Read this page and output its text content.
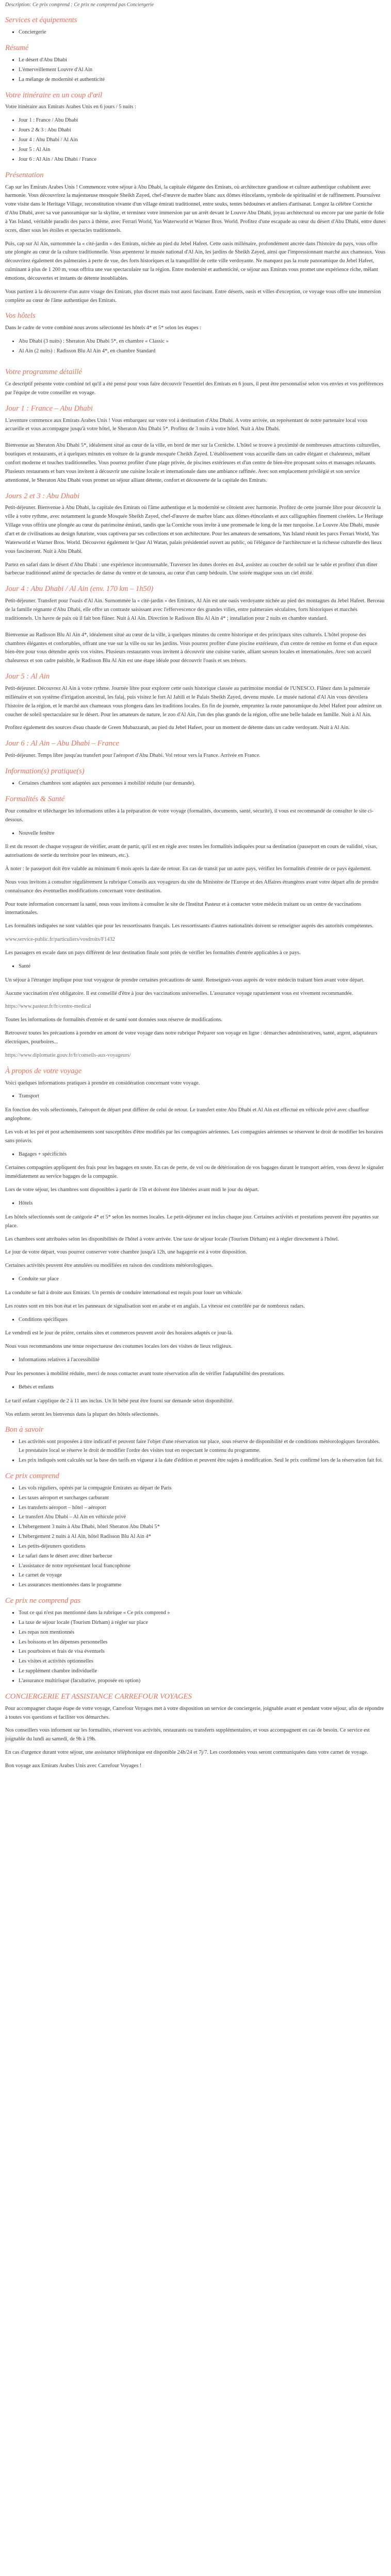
Description: Ce prix comprend : Ce prix ne comprend pas Conciergerie
Services et équipements
▪ Conciergerie
Résumé
▪ Le désert d'Abu Dhabi
▪ L'émerveillement Louvre d'Al Ain
▪ La mélange de modernité et authenticité
Votre itinéraire en un coup d'œil

Votre itinéraire aux Emirats Arabes Unis en 6 jours / 5 nuits :

• Jour 1 : France / Abu Dhabi
• Jours 2 & 3 : Abu Dhabi
• Jour 4 : Abu Dhabi / Al Ain
• Jour 5 : Al Ain
• Jour 6 : Al Ain / Abu Dhabi / France
Présentation

Cap sur les Emirats Arabes Unis ! Commencez votre séjour à Abu Dhabi, la capitale élégante des Emirats, où architecture grandiose et culture authentique cohabitent avec harmonie. Vous découvrirez la majestueuse mosquée Sheikh Zayed, chef-d'œuvre de marbre blanc aux dômes étincelants, symbole de spiritualité et de raffinement. Poursuivez votre visite dans le Heritage Village, reconstitution vivante d'un village émirati traditionnel, entre souks, tentes bédouines et ateliers d'artisanat. Longez la célèbre Corniche d'Abu Dhabi, avec sa vue panoramique sur la skyline, et terminez votre immersion par un arrêt devant le Louvre Abu Dhabi, joyau architectural ou encore par une partie de folie à Yas Island, véritable paradis des parcs à thème, avec Ferrari World, Yas Waterworld et Warner Bros. World. Profitez d'une escapade au cœur du désert d'Abu Dhabi, entre dunes ocres, dîner sous les étoiles et spectacles traditionnels.

Puis, cap sur Al Ain, surnommée la « cité-jardin » des Emirats, nichée au pied du Jebel Hafeet. Cette oasis millénaire, profondément ancrée dans l'histoire du pays, vous offre une plongée au cœur de la culture traditionnelle. Vous arpenterez le musée national d'Al Ain, les jardins de Sheikh Zayed, ainsi que l'impressionnant marché aux chameaux. Vous découvrirez également des palmeraies à perte de vue, des forts historiques et la tranquillité de cette ville verdoyante. Ne manquez pas la route panoramique du Jebel Hafeet, culminant à plus de 1 200 m, vous offrira une vue spectaculaire sur la région. Entre modernité et authenticité, ce séjour aux Emirats vous promet une expérience riche, mêlant émotions, découvertes et instants de détente inoubliables.

Vous partirez à la découverte d'un autre visage des Emirats, plus discret mais tout aussi fascinant. Entre déserts, oasis et villes d'exception, ce voyage vous offre une immersion complète au cœur de l'âme authentique des Emirats.

Vos hôtels

Dans le cadre de votre combiné nous avons sélectionné les hôtels 4* et 5* selon les étapes :

• Abu Dhabi (3 nuits) : Sheraton Abu Dhabi 5*, en chambre « Classic »
• Al Ain (2 nuits) : Radisson Blu Al Ain 4*, en chambre Standard
Votre programme détaillé

Ce descriptif présente votre combiné tel qu'il a été pensé pour vous faire découvrir l'essentiel des Emirats en 6 jours, il peut être personnalisé selon vos envies et vos préférences par l'équipe de votre conseiller en voyage.

Jour 1 : France – Abu Dhabi

L'aventure commence aux Emirats Arabes Unis ! Vous embarquez sur votre vol à destination d'Abu Dhabi. A votre arrivée, un représentant de notre partenaire local vous accueille et vous accompagne jusqu'à votre hôtel, le Sheraton Abu Dhabi 5*. Profitez de 3 nuits à votre hôtel. Nuit à Abu Dhabi.

Bienvenue au Sheraton Abu Dhabi 5*, idéalement situé au cœur de la ville, en bord de mer sur la Corniche. L'hôtel se trouve à proximité de nombreuses attractions culturelles, boutiques et restaurants, et à quelques minutes en voiture de la grande mosquée Cheikh Zayed. L'établissement vous accueille dans un cadre élégant et chaleureux, mêlant confort moderne et touches traditionnelles. Vous pourrez profiter d'une plage privée, de piscines extérieures et d'un centre de bien-être proposant soins et massages relaxants. Plusieurs restaurants et bars vous invitent à découvrir une cuisine locale et internationale dans une ambiance raffinée. Avec son emplacement privilégié et son service attentionné, le Sheraton Abu Dhabi vous promet un séjour alliant détente, confort et découverte de la capitale des Emirats.

Jours 2 et 3 : Abu Dhabi

Petit-déjeuner. Bienvenue à Abu Dhabi, la capitale des Emirats où l'âme authentique et la modernité se côtoient avec harmonie. Profitez de cette journée libre pour découvrir la ville à votre rythme, avec notamment la grande Mosquée Sheikh Zayed, chef-d'œuvre de marbre blanc aux dômes étincelants et aux calligraphies finement ciselées. Le Heritage Village vous offrira une plongée au cœur du patrimoine émirati, tandis que la Corniche vous invite à une promenade le long de la mer turquoise. Le Louvre Abu Dhabi, musée d'art et de civilisations au design futuriste, vous captivera par ses collections et son architecture. Pour les amateurs de sensations, Yas Island réunit les parcs Ferrari World, Yas Waterworld et Warner Bros. World. Découvrez également le Qasr Al Watan, palais présidentiel ouvert au public, où l'élégance de l'architecture et la richesse culturelle des lieux vous fascineront. Nuit à Abu Dhabi.

Partez en safari dans le désert d'Abu Dhabi : une expérience incontournable. Traversez les dunes dorées en 4x4, assistez au coucher de soleil sur le sable et profitez d'un dîner barbecue traditionnel animé de spectacles de danse du ventre et de tanoura, au cœur d'un camp bédouin. Une soirée magique sous un ciel étoilé.

Jour 4 : Abu Dhabi / Al Ain (env. 170 km – 1h50)

Petit-déjeuner. Transfert pour l'oasis d'Al Ain. Surnommée la « cité-jardin » des Emirats, Al Ain est une oasis verdoyante nichée au pied des montagnes du Jebel Hafeet. Berceau de la famille régnante d'Abu Dhabi, elle offre un contraste saisissant avec l'effervescence des grandes villes, entre palmeraies séculaires, forts historiques et marchés traditionnels. Un havre de paix où il fait bon flâner. Nuit à Al Ain. Direction le Radisson Blu Al Ain 4* ; installation pour 2 nuits en chambre standard.

Bienvenue au Radisson Blu Al Ain 4*, idéalement situé au cœur de la ville, à quelques minutes du centre historique et des principaux sites culturels. L'hôtel propose des chambres élégantes et confortables, offrant une vue sur la ville ou sur les jardins. Vous pourrez profiter d'une piscine extérieure, d'un centre de remise en forme et d'un espace bien-être pour vous détendre après vos visites. Plusieurs restaurants vous invitent à découvrir une cuisine variée, alliant saveurs locales et internationales. Avec son accueil chaleureux et son cadre paisible, le Radisson Blu Al Ain est une étape idéale pour découvrir l'oasis et ses trésors.

Jour 5 : Al Ain

Petit-déjeuner. Découvrez Al Ain à votre rythme. Journée libre pour explorer cette oasis historique classée au patrimoine mondial de l'UNESCO. Flânez dans la palmeraie millénaire et son système d'irrigation ancestral, les falaj, puis visitez le fort Al Jahili et le Palais Sheikh Zayed, devenu musée. Le musée national d'Al Ain vous dévoilera l'histoire de la région, et le marché aux chameaux vous plongera dans les traditions locales. En fin de journée, empruntez la route panoramique du Jebel Hafeet pour admirer un coucher de soleil spectaculaire sur le désert. Pour les amateurs de nature, le zoo d'Al Ain, l'un des plus grands de la région, offre une belle balade en famille. Nuit à Al Ain.

Profitez également des sources d'eau chaude de Green Mubazzarah, au pied du Jebel Hafeet, pour un moment de détente dans un cadre verdoyant. Nuit à Al Ain.

Jour 6 : Al Ain – Abu Dhabi – France

Petit-déjeuner. Temps libre jusqu'au transfert pour l'aéroport d'Abu Dhabi. Vol retour vers la France. Arrivée en France.

Information(s) pratique(s)
▪ Certaines chambres sont adaptées aux personnes à mobilité réduite (sur demande).
Formalités & Santé

Pour connaître et télécharger les informations utiles à la préparation de votre voyage (formalités, documents, santé, sécurité), il vous est recommandé de consulter le site ci-dessous.

▪ Nouvelle fenêtre

Il est du ressort de chaque voyageur de vérifier, avant de partir, qu'il est en règle avec toutes les formalités indiquées pour sa destination (passeport en cours de validité, visas, autorisations de sortie du territoire pour les mineurs, etc.).

À noter : le passeport doit être valable au minimum 6 mois après la date de retour. En cas de transit par un autre pays, vérifiez les formalités d'entrée de ce pays également.

Nous vous invitons à consulter régulièrement la rubrique Conseils aux voyageurs du site du Ministère de l'Europe et des Affaires étrangères avant votre départ afin de prendre connaissance des éventuelles modifications concernant votre destination.

Pour toute information concernant la santé, nous vous invitons à consulter le site de l'Institut Pasteur et à contacter votre médecin traitant ou un centre de vaccinations internationales.

Les formalités indiquées ne sont valables que pour les ressortissants français. Les ressortissants d'autres nationalités doivent se renseigner auprès des autorités compétentes.

www.service-public.fr/particuliers/vosdroits/F1432

Les passagers en escale dans un pays différent de leur destination finale sont priés de vérifier les formalités d'entrée applicables à ce pays.

▪ Santé

Un séjour à l'étranger implique pour tout voyageur de prendre certaines précautions de santé. Renseignez-vous auprès de votre médecin traitant bien avant votre départ.

Aucune vaccination n'est obligatoire. Il est conseillé d'être à jour des vaccinations universelles. L'assurance voyage rapatriement vous est vivement recommandée.

https://www.pasteur.fr/fr/centre-medical

Toutes les informations de formalités d'entrée et de santé sont données sous réserve de modifications.

Retrouvez toutes les précautions à prendre en amont de votre voyage dans notre rubrique Préparer son voyage en ligne : démarches administratives, santé, argent, adaptateurs électriques, pourboires...

https://www.diplomatie.gouv.fr/fr/conseils-aux-voyageurs/

À propos de votre voyage

Voici quelques informations pratiques à prendre en considération concernant votre voyage.

▪ Transport

En fonction des vols sélectionnés, l'aéroport de départ peut différer de celui de retour. Le transfert entre Abu Dhabi et Al Ain est effectué en véhicule privé avec chauffeur anglophone.

Les vols et les pré et post acheminements sont susceptibles d'être modifiés par les compagnies aériennes. Les compagnies aériennes se réservent le droit de modifier les horaires sans préavis.

▪ Bagages + spécificités

Certaines compagnies appliquent des frais pour les bagages en soute. En cas de perte, de vol ou de détérioration de vos bagages durant le transport aérien, vous devez le signaler immédiatement au service bagages de la compagnie.

Lors de votre séjour, les chambres sont disponibles à partir de 15h et doivent être libérées avant midi le jour du départ.

▪ Hôtels

Les hôtels sélectionnés sont de catégorie 4* et 5* selon les normes locales. Le petit-déjeuner est inclus chaque jour. Certaines activités et prestations peuvent être payantes sur place.

Les chambres sont attribuées selon les disponibilités de l'hôtel à votre arrivée. Une taxe de séjour locale (Tourism Dirham) est à régler directement à l'hôtel.

Le jour de votre départ, vous pourrez conserver votre chambre jusqu'à 12h, une bagagerie est à votre disposition.

Certaines activités peuvent être annulées ou modifiées en raison des conditions météorologiques.

▪ Conduite sur place

La conduite se fait à droite aux Emirats. Un permis de conduire international est requis pour louer un véhicule.

Les routes sont en très bon état et les panneaux de signalisation sont en arabe et en anglais. La vitesse est contrôlée par de nombreux radars.

▪ Conditions spécifiques

Le vendredi est le jour de prière, certains sites et commerces peuvent avoir des horaires adaptés ce jour-là.

Nous vous recommandons une tenue respectueuse des coutumes locales lors des visites de lieux religieux.

▪ Informations relatives à l'accessibilité

Pour les personnes à mobilité réduite, merci de nous contacter avant toute réservation afin de vérifier l'adaptabilité des prestations.

▪ Bébés et enfants

Le tarif enfant s'applique de 2 à 11 ans inclus. Un lit bébé peut être fourni sur demande selon disponibilité.

Vos enfants seront les bienvenus dans la plupart des hôtels sélectionnés.

Bon à savoir
▪ Les activités sont proposées à titre indicatif et peuvent faire l'objet d'une réservation sur place, sous réserve de disponibilité et de conditions météorologiques favorables. Le prestataire local se réserve le droit de modifier l'ordre des visites tout en respectant le contenu du programme.
▪ Les prix indiqués sont calculés sur la base des tarifs en vigueur à la date d'édition et peuvent être sujets à modification. Seul le prix confirmé lors de la réservation fait foi.
Ce prix comprend
▪ Les vols réguliers, opérés par la compagnie Emirates au départ de Paris
▪ Les taxes aéroport et surcharges carburant
▪ Les transferts aéroport – hôtel – aéroport
▪ Le transfert Abu Dhabi – Al Ain en véhicule privé
▪ L'hébergement 3 nuits à Abu Dhabi, hôtel Sheraton Abu Dhabi 5*
▪ L'hébergement 2 nuits à Al Ain, hôtel Radisson Blu Al Ain 4*
▪ Les petits-déjeuners quotidiens
▪ Le safari dans le désert avec dîner barbecue
▪ L'assistance de notre représentant local francophone
▪ Le carnet de voyage
▪ Les assurances mentionnées dans le programme
Ce prix ne comprend pas
▪ Tout ce qui n'est pas mentionné dans la rubrique « Ce prix comprend »
▪ La taxe de séjour locale (Tourism Dirham) à régler sur place
▪ Les repas non mentionnés
▪ Les boissons et les dépenses personnelles
▪ Les pourboires et frais de visa éventuels
▪ Les visites et activités optionnelles
▪ Le supplément chambre individuelle
▪ L'assurance multirisque (facultative, proposée en option)
CONCIERGERIE ET ASSISTANCE CARREFOUR VOYAGES

Pour accompagner chaque étape de votre voyage, Carrefour Voyages met à votre disposition un service de conciergerie, joignable avant et pendant votre séjour, afin de répondre à toutes vos questions et faciliter vos démarches.

Nos conseillers vous informent sur les formalités, réservent vos activités, restaurants ou transferts supplémentaires, et vous accompagnent en cas de besoin. Ce service est joignable du lundi au samedi, de 9h à 19h.

En cas d'urgence durant votre séjour, une assistance téléphonique est disponible 24h/24 et 7j/7. Les coordonnées vous seront communiquées dans votre carnet de voyage.

Bon voyage aux Emirats Arabes Unis avec Carrefour Voyages !
